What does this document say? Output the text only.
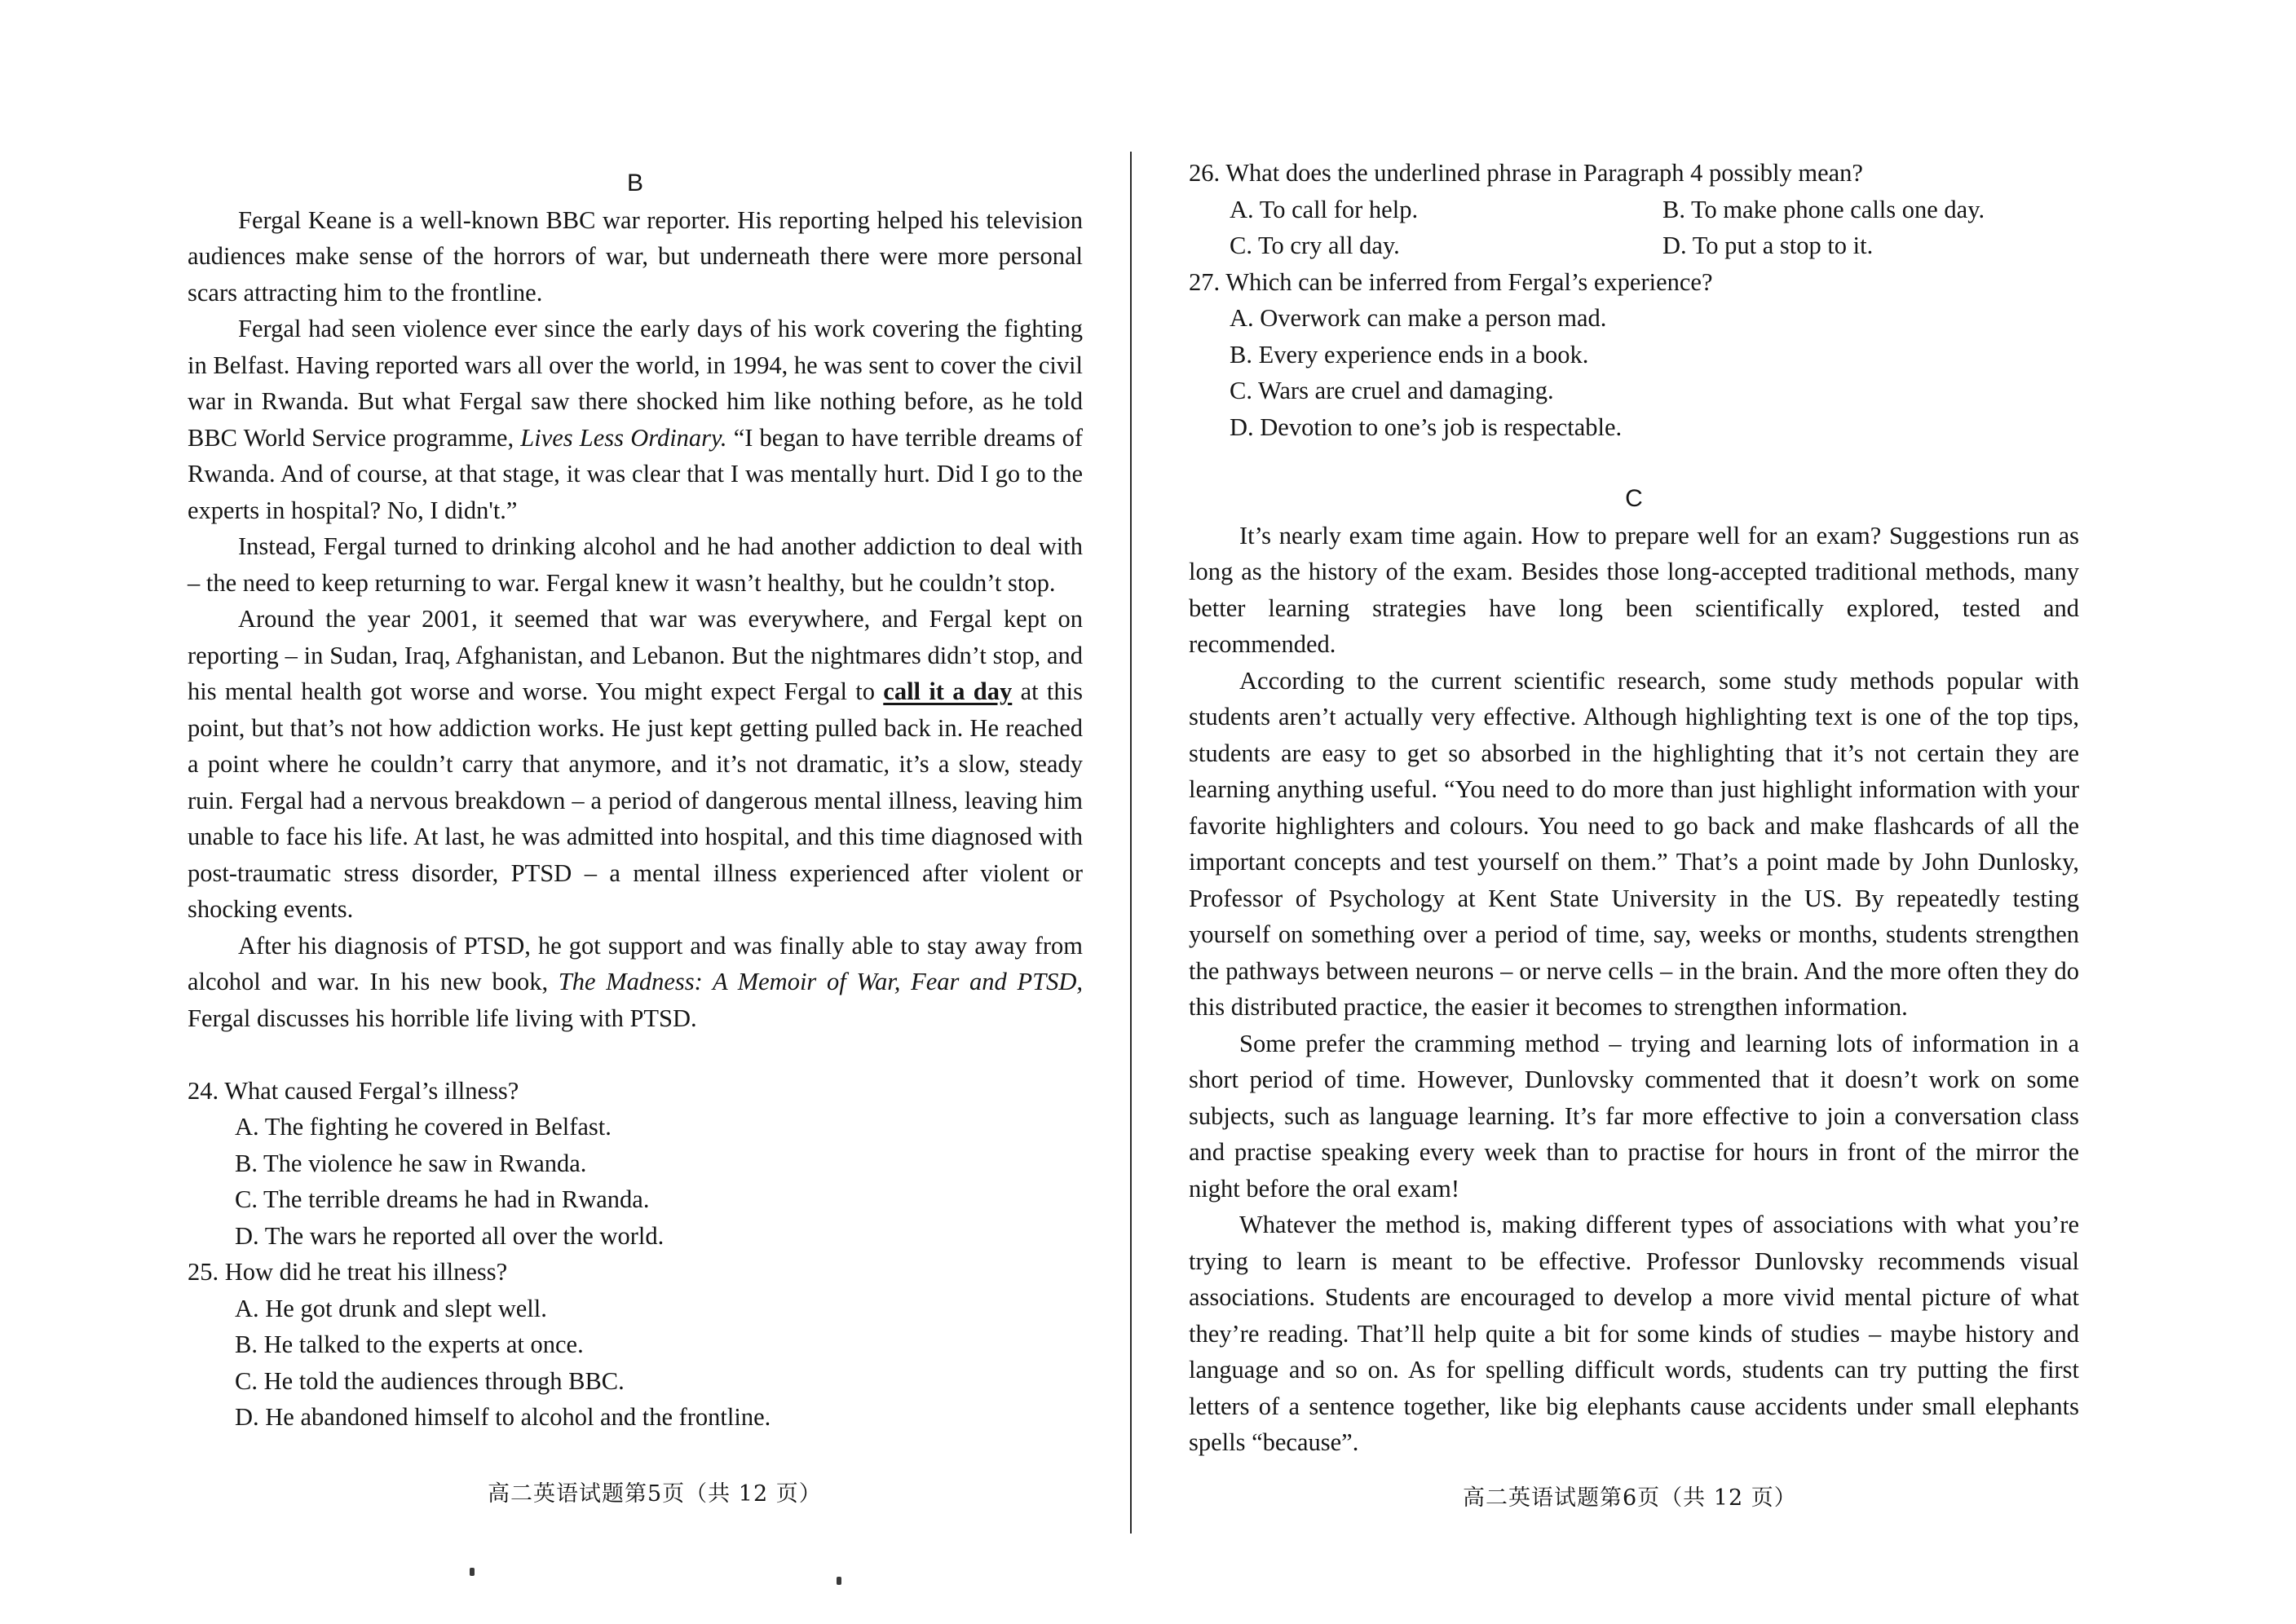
B

Fergal Keane is a well-known BBC war reporter. His reporting helped his television audiences make sense of the horrors of war, but underneath there were more personal scars attracting him to the frontline.

Fergal had seen violence ever since the early days of his work covering the fighting in Belfast. Having reported wars all over the world, in 1994, he was sent to cover the civil war in Rwanda. But what Fergal saw there shocked him like nothing before, as he told BBC World Service programme, Lives Less Ordinary. “I began to have terrible dreams of Rwanda. And of course, at that stage, it was clear that I was mentally hurt. Did I go to the experts in hospital? No, I didn't.”

Instead, Fergal turned to drinking alcohol and he had another addiction to deal with – the need to keep returning to war. Fergal knew it wasn’t healthy, but he couldn’t stop.

Around the year 2001, it seemed that war was everywhere, and Fergal kept on reporting – in Sudan, Iraq, Afghanistan, and Lebanon. But the nightmares didn’t stop, and his mental health got worse and worse. You might expect Fergal to call it a day at this point, but that’s not how addiction works. He just kept getting pulled back in. He reached a point where he couldn’t carry that anymore, and it’s not dramatic, it’s a slow, steady ruin. Fergal had a nervous breakdown – a period of dangerous mental illness, leaving him unable to face his life. At last, he was admitted into hospital, and this time diagnosed with post-traumatic stress disorder, PTSD – a mental illness experienced after violent or shocking events.

After his diagnosis of PTSD, he got support and was finally able to stay away from alcohol and war. In his new book, The Madness: A Memoir of War, Fear and PTSD, Fergal discusses his horrible life living with PTSD.

24. What caused Fergal’s illness?
A. The fighting he covered in Belfast.
B. The violence he saw in Rwanda.
C. The terrible dreams he had in Rwanda.
D. The wars he reported all over the world.
25. How did he treat his illness?
A. He got drunk and slept well.
B. He talked to the experts at once.
C. He told the audiences through BBC.
D. He abandoned himself to alcohol and the frontline.
高二英语试题第5页（共 12 页）
26. What does the underlined phrase in Paragraph 4 possibly mean?
A. To call for help.	B. To make phone calls one day.
C. To cry all day.	D. To put a stop to it.
27. Which can be inferred from Fergal’s experience?
A. Overwork can make a person mad.
B. Every experience ends in a book.
C. Wars are cruel and damaging.
D. Devotion to one’s job is respectable.
C

It’s nearly exam time again. How to prepare well for an exam? Suggestions run as long as the history of the exam. Besides those long-accepted traditional methods, many better learning strategies have long been scientifically explored, tested and recommended.

According to the current scientific research, some study methods popular with students aren’t actually very effective. Although highlighting text is one of the top tips, students are easy to get so absorbed in the highlighting that it’s not certain they are learning anything useful. “You need to do more than just highlight information with your favorite highlighters and colours. You need to go back and make flashcards of all the important concepts and test yourself on them.” That’s a point made by John Dunlosky, Professor of Psychology at Kent State University in the US. By repeatedly testing yourself on something over a period of time, say, weeks or months, students strengthen the pathways between neurons – or nerve cells – in the brain. And the more often they do this distributed practice, the easier it becomes to strengthen information.

Some prefer the cramming method – trying and learning lots of information in a short period of time. However, Dunlovsky commented that it doesn’t work on some subjects, such as language learning. It’s far more effective to join a conversation class and practise speaking every week than to practise for hours in front of the mirror the night before the oral exam!

Whatever the method is, making different types of associations with what you’re trying to learn is meant to be effective. Professor Dunlovsky recommends visual associations. Students are encouraged to develop a more vivid mental picture of what they’re reading. That’ll help quite a bit for some kinds of studies – maybe history and language and so on. As for spelling difficult words, students can try putting the first letters of a sentence together, like big elephants cause accidents under small elephants spells “because”.

高二英语试题第6页（共 12 页）
